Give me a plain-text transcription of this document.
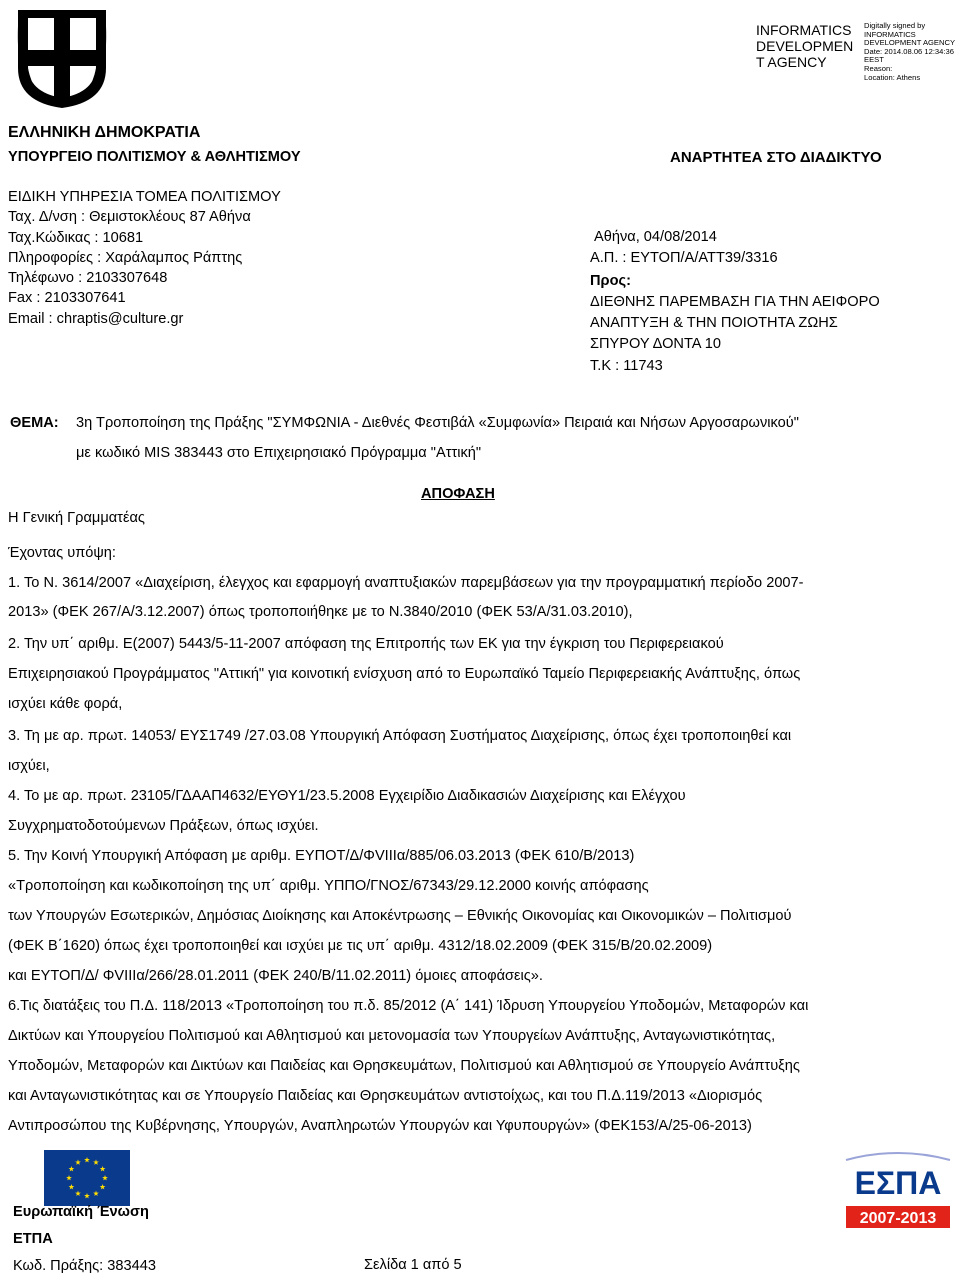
INFORMATICS
DEVELOPMEN
T AGENCY
Digitally signed by
INFORMATICS
DEVELOPMENT AGENCY
Date: 2014.08.06 12:34:36
EEST
Reason:
Location: Athens
ΕΛΛΗΝΙΚΗ ΔΗΜΟΚΡΑΤΙΑ
ΥΠΟΥΡΓΕΙΟ ΠΟΛΙΤΙΣΜΟΥ & ΑΘΛΗΤΙΣΜΟΥ	ΑΝΑΡΤΗΤΕΑ ΣΤΟ ΔΙΑΔΙΚΤΥΟ
ΕΙΔΙΚΗ ΥΠΗΡΕΣΙΑ ΤΟΜΕΑ ΠΟΛΙΤΙΣΜΟΥ
Ταχ. Δ/νση : Θεμιστοκλέους 87 Αθήνα
Ταχ.Κώδικας : 10681
Πληροφορίες : Χαράλαμπος Ράπτης
Τηλέφωνο : 2103307648
Fax : 2103307641
Email : chraptis@culture.gr
Αθήνα, 04/08/2014
Α.Π. : ΕΥΤΟΠ/Α/ΑΤΤ39/3316
Προς:
ΔΙΕΘΝΗΣ ΠΑΡΕΜΒΑΣΗ ΓΙΑ ΤΗΝ ΑΕΙΦΟΡΟ
ΑΝΑΠΤΥΞΗ & ΤΗΝ ΠΟΙΟΤΗΤΑ ΖΩΗΣ
ΣΠΥΡΟΥ ΔΟΝΤΑ 10
Τ.Κ : 11743
ΘΕΜΑ: 3η Τροποποίηση της Πράξης "ΣΥΜΦΩΝΙΑ - Διεθνές Φεστιβάλ «Συμφωνία» Πειραιά και Νήσων Αργοσαρωνικού"
με κωδικό MIS 383443 στο Επιχειρησιακό Πρόγραμμα "Αττική"
ΑΠΟΦΑΣΗ
Η Γενική Γραμματέας
Έχοντας υπόψη:
1. Το Ν. 3614/2007 «Διαχείριση, έλεγχος και εφαρμογή αναπτυξιακών παρεμβάσεων για την προγραμματική περίοδο 2007-
2013» (ΦΕΚ 267/Α/3.12.2007) όπως τροποποιήθηκε με το Ν.3840/2010 (ΦΕΚ 53/Α/31.03.2010),
2. Την υπ΄ αριθμ. Ε(2007) 5443/5-11-2007 απόφαση της Επιτροπής των ΕΚ για την έγκριση του Περιφερειακού
Επιχειρησιακού Προγράμματος "Αττική" για κοινοτική ενίσχυση από το Ευρωπαϊκό Ταμείο Περιφερειακής Ανάπτυξης, όπως
ισχύει κάθε φορά,
3. Τη με αρ. πρωτ. 14053/ ΕΥΣ1749 /27.03.08 Υπουργική Απόφαση Συστήματος Διαχείρισης, όπως έχει τροποποιηθεί και
ισχύει,
4. Το με αρ. πρωτ. 23105/ΓΔΑΑΠ4632/ΕΥΘΥ1/23.5.2008 Εγχειρίδιο Διαδικασιών Διαχείρισης και Ελέγχου
Συγχρηματοδοτούμενων Πράξεων, όπως ισχύει.
5. Την Κοινή Υπουργική Απόφαση με αριθμ. ΕΥΠΟΤ/Δ/ΦVIIIα/885/06.03.2013 (ΦΕΚ 610/Β/2013)
«Τροποποίηση και κωδικοποίηση της υπ΄ αριθμ. ΥΠΠΟ/ΓΝΟΣ/67343/29.12.2000 κοινής απόφασης
των Υπουργών Εσωτερικών, Δημόσιας Διοίκησης και Αποκέντρωσης – Εθνικής Οικονομίας και Οικονομικών – Πολιτισμού
(ΦΕΚ Β΄1620) όπως έχει τροποποιηθεί και ισχύει με τις υπ΄ αριθμ. 4312/18.02.2009 (ΦΕΚ 315/Β/20.02.2009)
και ΕΥΤΟΠ/Δ/ ΦVIIIα/266/28.01.2011 (ΦΕΚ 240/Β/11.02.2011) όμοιες αποφάσεις».
6.Τις διατάξεις του Π.Δ. 118/2013 «Τροποποίηση του π.δ. 85/2012 (Α΄ 141) Ίδρυση Υπουργείου Υποδομών, Μεταφορών και
Δικτύων και Υπουργείου Πολιτισμού και Αθλητισμού και μετονομασία των Υπουργείων Ανάπτυξης, Ανταγωνιστικότητας,
Υποδομών, Μεταφορών και Δικτύων και Παιδείας και Θρησκευμάτων, Πολιτισμού και Αθλητισμού σε Υπουργείο Ανάπτυξης
και Ανταγωνιστικότητας και σε Υπουργείο Παιδείας και Θρησκευμάτων αντιστοίχως, και του Π.Δ.119/2013 «Διορισμός
Αντιπροσώπου της Κυβέρνησης, Υπουργών, Αναπληρωτών Υπουργών και Υφυπουργών» (ΦΕΚ153/Α/25-06-2013)
ΕΣΠΑ
2007-2013
Ευρωπαϊκή Ένωση
ΕΤΠΑ
Κωδ. Πράξης: 383443	Σελίδα 1 από 5
